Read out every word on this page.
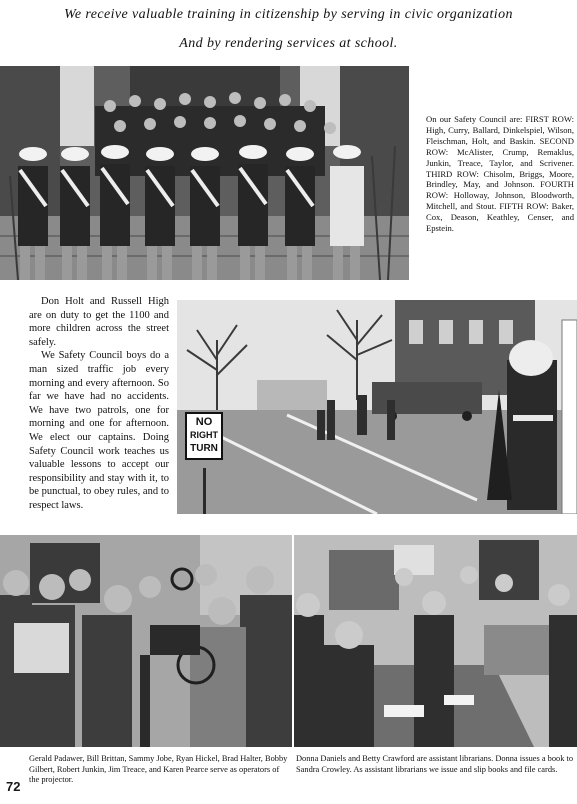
We receive valuable training in citizenship by serving in civic organization
And by rendering services at school.
On our Safety Council are: FIRST ROW: High, Curry, Ballard, Dinkelspiel, Wilson, Fleischman, Holt, and Baskin. SECOND ROW: McAlister, Crump, Remaklus, Junkin, Treace, Taylor, and Scrivener. THIRD ROW: Chisolm, Briggs, Moore, Brindley, May, and Johnson. FOURTH ROW: Holloway, Johnson, Bloodworth, Mitchell, and Stout. FIFTH ROW: Baker, Cox, Deason, Keathley, Censer, and Epstein.

Don Holt and Russell High are on duty to get the 1100 and more children across the street safely.

We Safety Council boys do a man sized traffic job every morning and every afternoon. So far we have had no accidents. We have two patrols, one for morning and one for afternoon. We elect our captains. Doing Safety Council work teaches us valuable lessons to accept our responsibility and stay with it, to be punctual, to obey rules, and to respect laws.

NO
RIGHT
TURN
Gerald Padawer, Bill Brittan, Sammy Jobe, Ryan Hickel, Brad Halter, Bobby Gilbert, Robert Junkin, Jim Treace, and Karen Pearce serve as operators of the projector.
Donna Daniels and Betty Crawford are assistant librarians. Donna issues a book to Sandra Crowley. As assistant librarians we issue and slip books and file cards.
72
